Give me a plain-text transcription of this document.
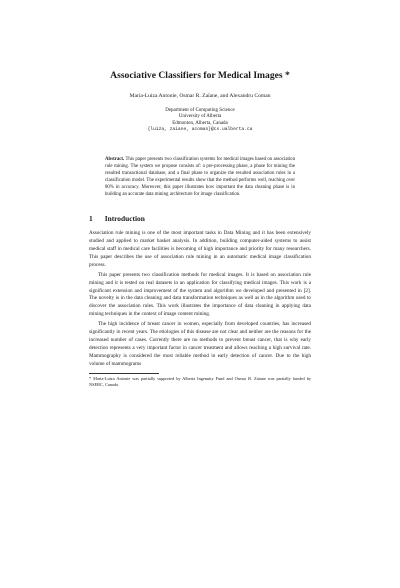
Associative Classifiers for Medical Images *
Maria-Luiza Antonie, Osmar R. Zaïane, and Alexandru Coman
Department of Computing Science
University of Alberta
Edmonton, Alberta, Canada
{luiza, zaiane, acoman}@cs.ualberta.ca
Abstract. This paper presents two classification systems for medical images based on association rule mining. The system we propose consists of: a pre-processing phase, a phase for mining the resulted transactional database, and a final phase to organize the resulted association rules in a classification model. The experimental results show that the method performs well, reaching over 80% in accuracy. Moreover, this paper illustrates how important the data cleaning phase is in building an accurate data mining architecture for image classification.
1 Introduction

Association rule mining is one of the most important tasks in Data Mining and it has been extensively studied and applied to market basket analysis. In addition, building computer-aided systems to assist medical staff in medical care facilities is becoming of high importance and priority for many researchers. This paper describes the use of association rule mining in an automatic medical image classification process.

This paper presents two classification methods for medical images. It is based on association rule mining and it is tested on real datasets in an application for classifying medical images. This work is a significant extension and improvement of the system and algorithm we developed and presented in [2]. The novelty is in the data cleaning and data transformation techniques as well as in the algorithm used to discover the association rules. This work illustrates the importance of data cleaning in applying data mining techniques in the context of image content mining.

The high incidence of breast cancer in women, especially from developed countries, has increased significantly in recent years. The etiologies of this disease are not clear and neither are the reasons for the increased number of cases. Currently there are no methods to prevent breast cancer, that is why early detection represents a very important factor in cancer treatment and allows reaching a high survival rate. Mammography is considered the most reliable method in early detection of cancer. Due to the high volume of mammograms

* Maria-Luiza Antonie was partially supported by Alberta Ingenuity Fund and Osmar R. Zaïane was partially funded by NSERC, Canada.
